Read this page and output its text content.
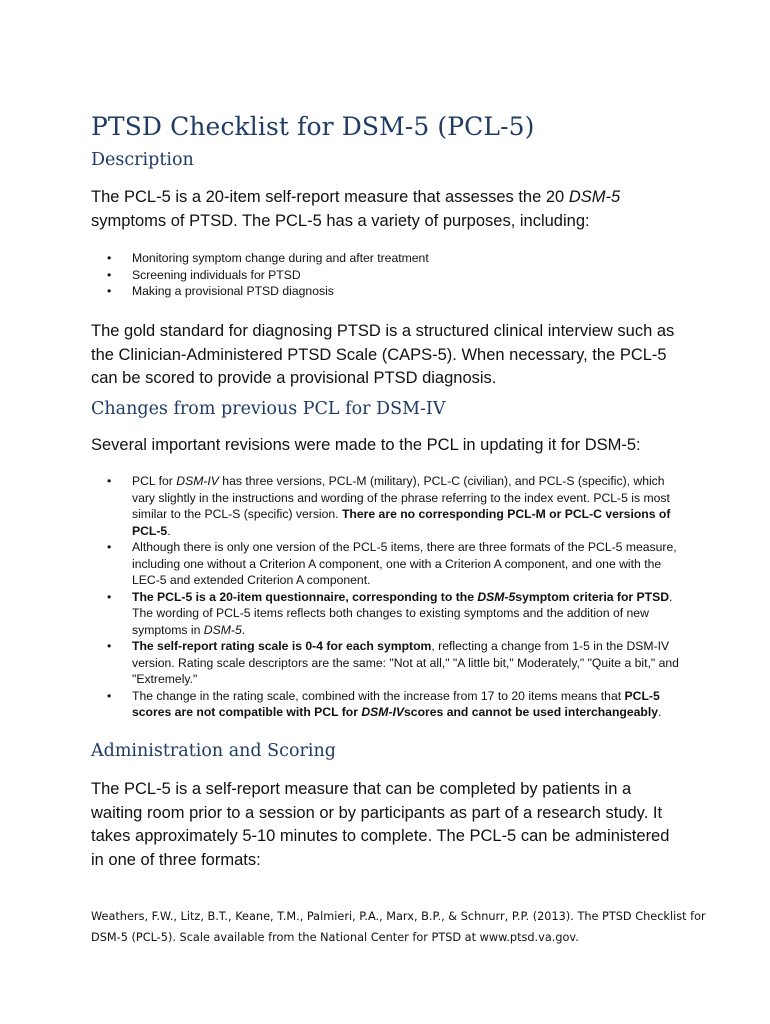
PTSD Checklist for DSM-5 (PCL-5)
Description

The PCL-5 is a 20-item self-report measure that assesses the 20 DSM-5 symptoms of PTSD. The PCL-5 has a variety of purposes, including:

• Monitoring symptom change during and after treatment
• Screening individuals for PTSD
• Making a provisional PTSD diagnosis

The gold standard for diagnosing PTSD is a structured clinical interview such as the Clinician-Administered PTSD Scale (CAPS-5). When necessary, the PCL-5 can be scored to provide a provisional PTSD diagnosis.

Changes from previous PCL for DSM-IV

Several important revisions were made to the PCL in updating it for DSM-5:

• PCL for DSM-IV has three versions, PCL-M (military), PCL-C (civilian), and PCL-S (specific), which vary slightly in the instructions and wording of the phrase referring to the index event. PCL-5 is most similar to the PCL-S (specific) version. There are no corresponding PCL-M or PCL-C versions of PCL-5.
• Although there is only one version of the PCL-5 items, there are three formats of the PCL-5 measure, including one without a Criterion A component, one with a Criterion A component, and one with the LEC-5 and extended Criterion A component.
• The PCL-5 is a 20-item questionnaire, corresponding to the DSM-5symptom criteria for PTSD. The wording of PCL-5 items reflects both changes to existing symptoms and the addition of new symptoms in DSM-5.
• The self-report rating scale is 0-4 for each symptom, reflecting a change from 1-5 in the DSM-IV version. Rating scale descriptors are the same: "Not at all," "A little bit," Moderately," "Quite a bit," and "Extremely."
• The change in the rating scale, combined with the increase from 17 to 20 items means that PCL-5 scores are not compatible with PCL for DSM-IVscores and cannot be used interchangeably.
Administration and Scoring

The PCL-5 is a self-report measure that can be completed by patients in a waiting room prior to a session or by participants as part of a research study. It takes approximately 5-10 minutes to complete. The PCL-5 can be administered in one of three formats:

Weathers, F.W., Litz, B.T., Keane, T.M., Palmieri, P.A., Marx, B.P., & Schnurr, P.P. (2013). The PTSD Checklist for DSM-5 (PCL-5). Scale available from the National Center for PTSD at www.ptsd.va.gov.
